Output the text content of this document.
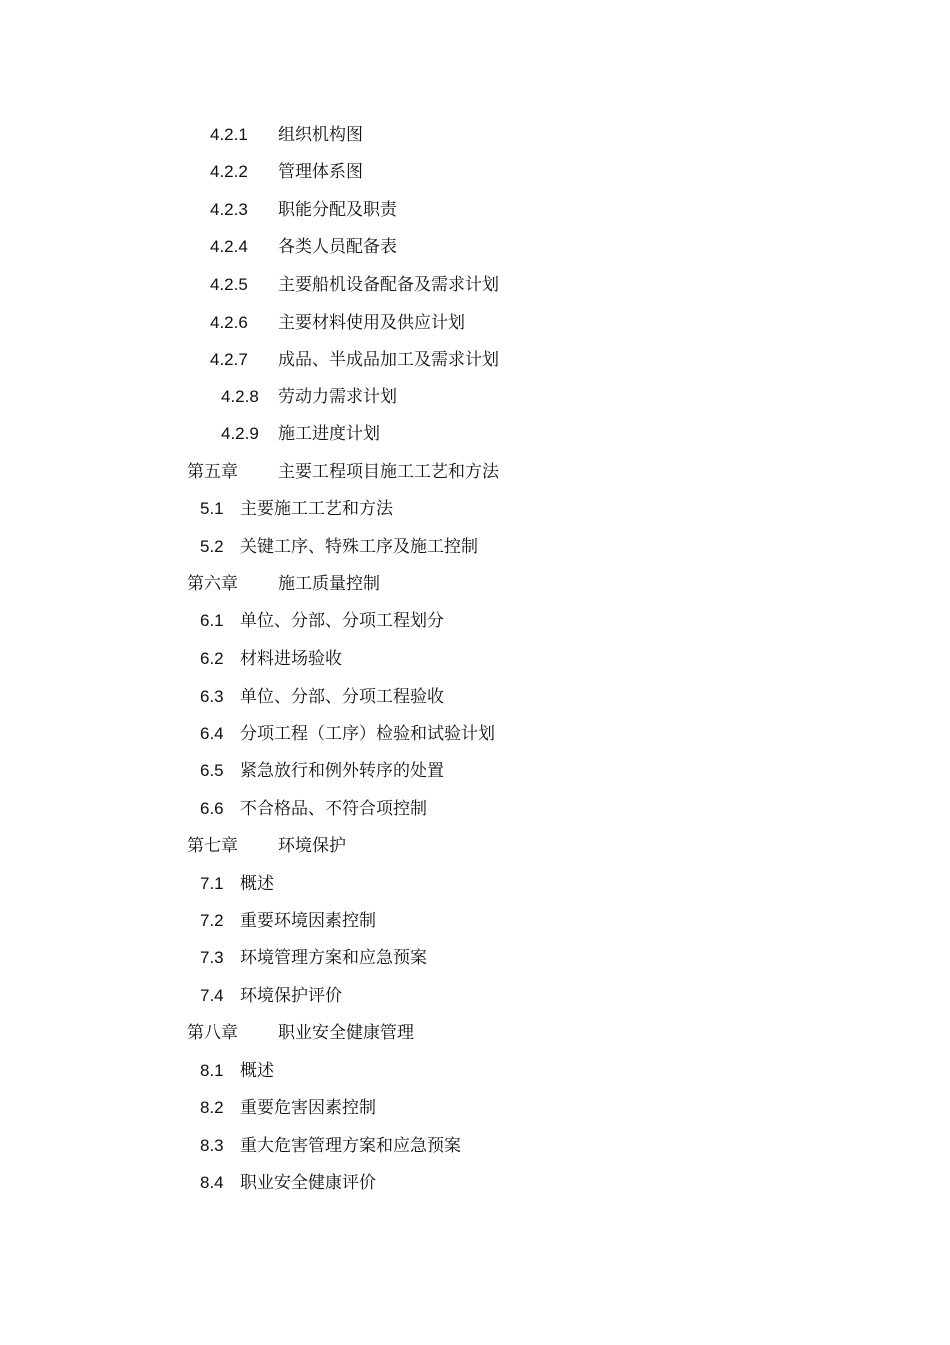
4.2.1 组织机构图
4.2.2 管理体系图
4.2.3 职能分配及职责
4.2.4 各类人员配备表
4.2.5 主要船机设备配备及需求计划
4.2.6 主要材料使用及供应计划
4.2.7 成品、半成品加工及需求计划
4.2.8 劳动力需求计划
4.2.9 施工进度计划
第五章 主要工程项目施工工艺和方法
5.1 主要施工工艺和方法
5.2 关键工序、特殊工序及施工控制
第六章 施工质量控制
6.1 单位、分部、分项工程划分
6.2 材料进场验收
6.3 单位、分部、分项工程验收
6.4 分项工程（工序）检验和试验计划
6.5 紧急放行和例外转序的处置
6.6 不合格品、不符合项控制
第七章 环境保护
7.1 概述
7.2 重要环境因素控制
7.3 环境管理方案和应急预案
7.4 环境保护评价
第八章 职业安全健康管理
8.1 概述
8.2 重要危害因素控制
8.3 重大危害管理方案和应急预案
8.4 职业安全健康评价
